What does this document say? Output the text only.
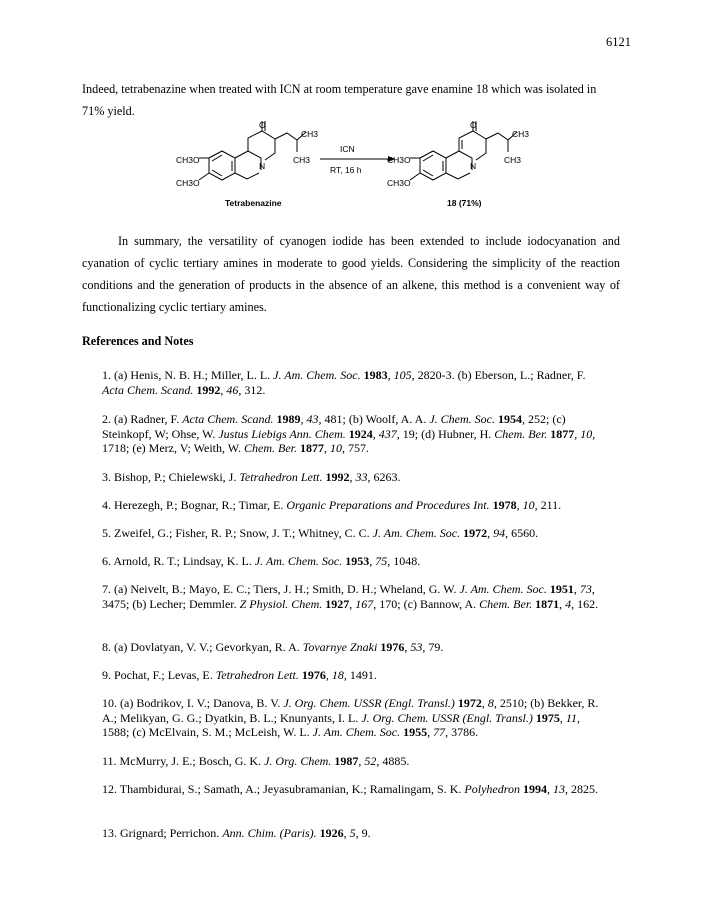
6121

Indeed, tetrabenazine when treated with ICN at room temperature gave enamine 18 which was isolated in 71% yield.

O
N
CH3
CH3
CH3O
CH3O
Tetrabenazine
ICN
RT, 16 h
O
N
CH3
CH3
CH3O
CH3O
18 (71%)

In summary, the versatility of cyanogen iodide has been extended to include iodocyanation and cyanation of cyclic tertiary amines in moderate to good yields. Considering the simplicity of the reaction conditions and the generation of products in the absence of an alkene, this method is a convenient way of functionalizing cyclic tertiary amines.

References and Notes
1. (a) Henis, N. B. H.; Miller, L. L. J. Am. Chem. Soc. 1983, 105, 2820-3. (b) Eberson, L.; Radner, F. Acta Chem. Scand. 1992, 46, 312.
2. (a) Radner, F. Acta Chem. Scand. 1989, 43, 481; (b) Woolf, A. A. J. Chem. Soc. 1954, 252; (c) Steinkopf, W; Ohse, W. Justus Liebigs Ann. Chem. 1924, 437, 19; (d) Hubner, H. Chem. Ber. 1877, 10, 1718; (e) Merz, V; Weith, W. Chem. Ber. 1877, 10, 757.
3. Bishop, P.; Chielewski, J. Tetrahedron Lett. 1992, 33, 6263.
4. Herezegh, P.; Bognar, R.; Timar, E. Organic Preparations and Procedures Int. 1978, 10, 211.
5. Zweifel, G.; Fisher, R. P.; Snow, J. T.; Whitney, C. C. J. Am. Chem. Soc. 1972, 94, 6560.
6. Arnold, R. T.; Lindsay, K. L. J. Am. Chem. Soc. 1953, 75, 1048.
7. (a) Neivelt, B.; Mayo, E. C.; Tiers, J. H.; Smith, D. H.; Wheland, G. W. J. Am. Chem. Soc. 1951, 73, 3475; (b) Lecher; Demmler. Z Physiol. Chem. 1927, 167, 170; (c) Bannow, A. Chem. Ber. 1871, 4, 162.
8. (a) Dovlatyan, V. V.; Gevorkyan, R. A. Tovarnye Znaki 1976, 53, 79.
9. Pochat, F.; Levas, E. Tetrahedron Lett. 1976, 18, 1491.
10. (a) Bodrikov, I. V.; Danova, B. V. J. Org. Chem. USSR (Engl. Transl.) 1972, 8, 2510; (b) Bekker, R. A.; Melikyan, G. G.; Dyatkin, B. L.; Knunyants, I. L. J. Org. Chem. USSR (Engl. Transl.) 1975, 11, 1588; (c) McElvain, S. M.; McLeish, W. L. J. Am. Chem. Soc. 1955, 77, 3786.
11. McMurry, J. E.; Bosch, G. K. J. Org. Chem. 1987, 52, 4885.
12. Thambidurai, S.; Samath, A.; Jeyasubramanian, K.; Ramalingam, S. K. Polyhedron 1994, 13, 2825.
13. Grignard; Perrichon. Ann. Chim. (Paris). 1926, 5, 9.
